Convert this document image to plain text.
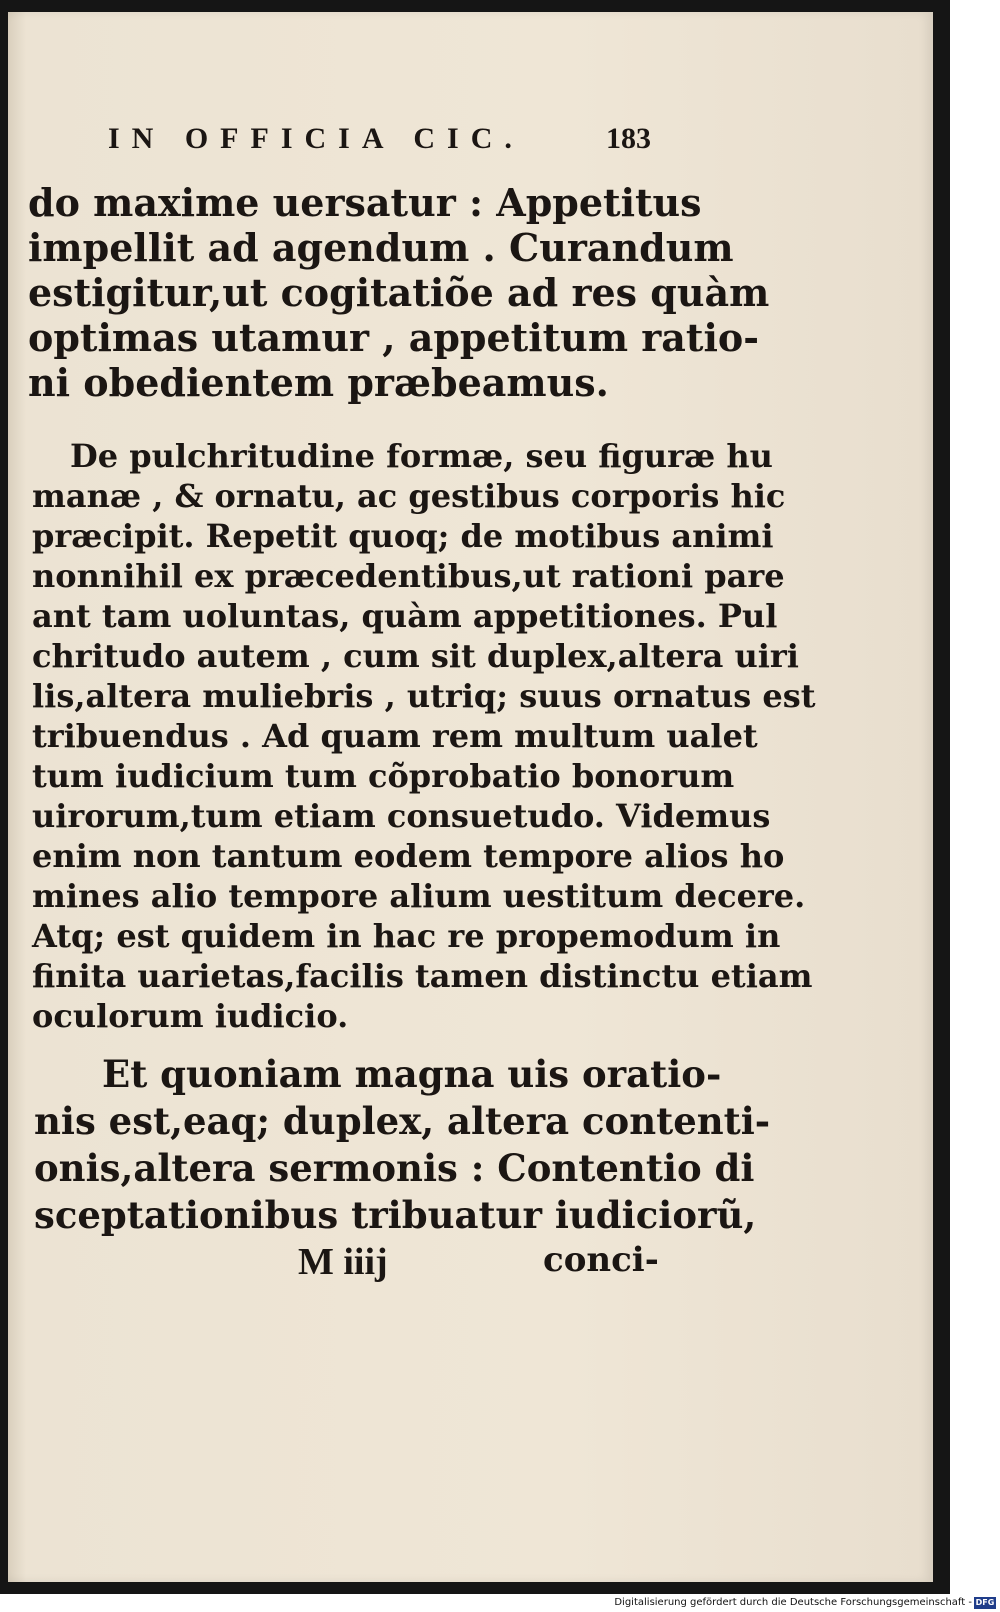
IN OFFICIA CIC.	183
do maxime uersatur : Appetitus
impellit ad agendum . Curandum
estigitur,ut cogitatiõe ad res quàm
optimas utamur , appetitum ratio-
ni obedientem præbeamus.
De pulchritudine formæ, seu figuræ hu
manæ , & ornatu, ac gestibus corporis hic
præcipit. Repetit quoq; de motibus animi
nonnihil ex præcedentibus,ut rationi pare
ant tam uoluntas, quàm appetitiones. Pul
chritudo autem , cum sit duplex,altera uiri
lis,altera muliebris , utriq; suus ornatus est
tribuendus . Ad quam rem multum ualet
tum iudicium tum cõprobatio bonorum
uirorum,tum etiam consuetudo. Videmus
enim non tantum eodem tempore alios ho
mines alio tempore alium uestitum decere.
Atq; est quidem in hac re propemodum in
finita uarietas,facilis tamen distinctu etiam
oculorum iudicio.
Et quoniam magna uis oratio-
nis est,eaq; duplex, altera contenti-
onis,altera sermonis : Contentio di
sceptationibus tribuatur iudiciorũ,
M iiij	conci-
Digitalisierung gefördert durch die Deutsche Forschungsgemeinschaft - DFG
